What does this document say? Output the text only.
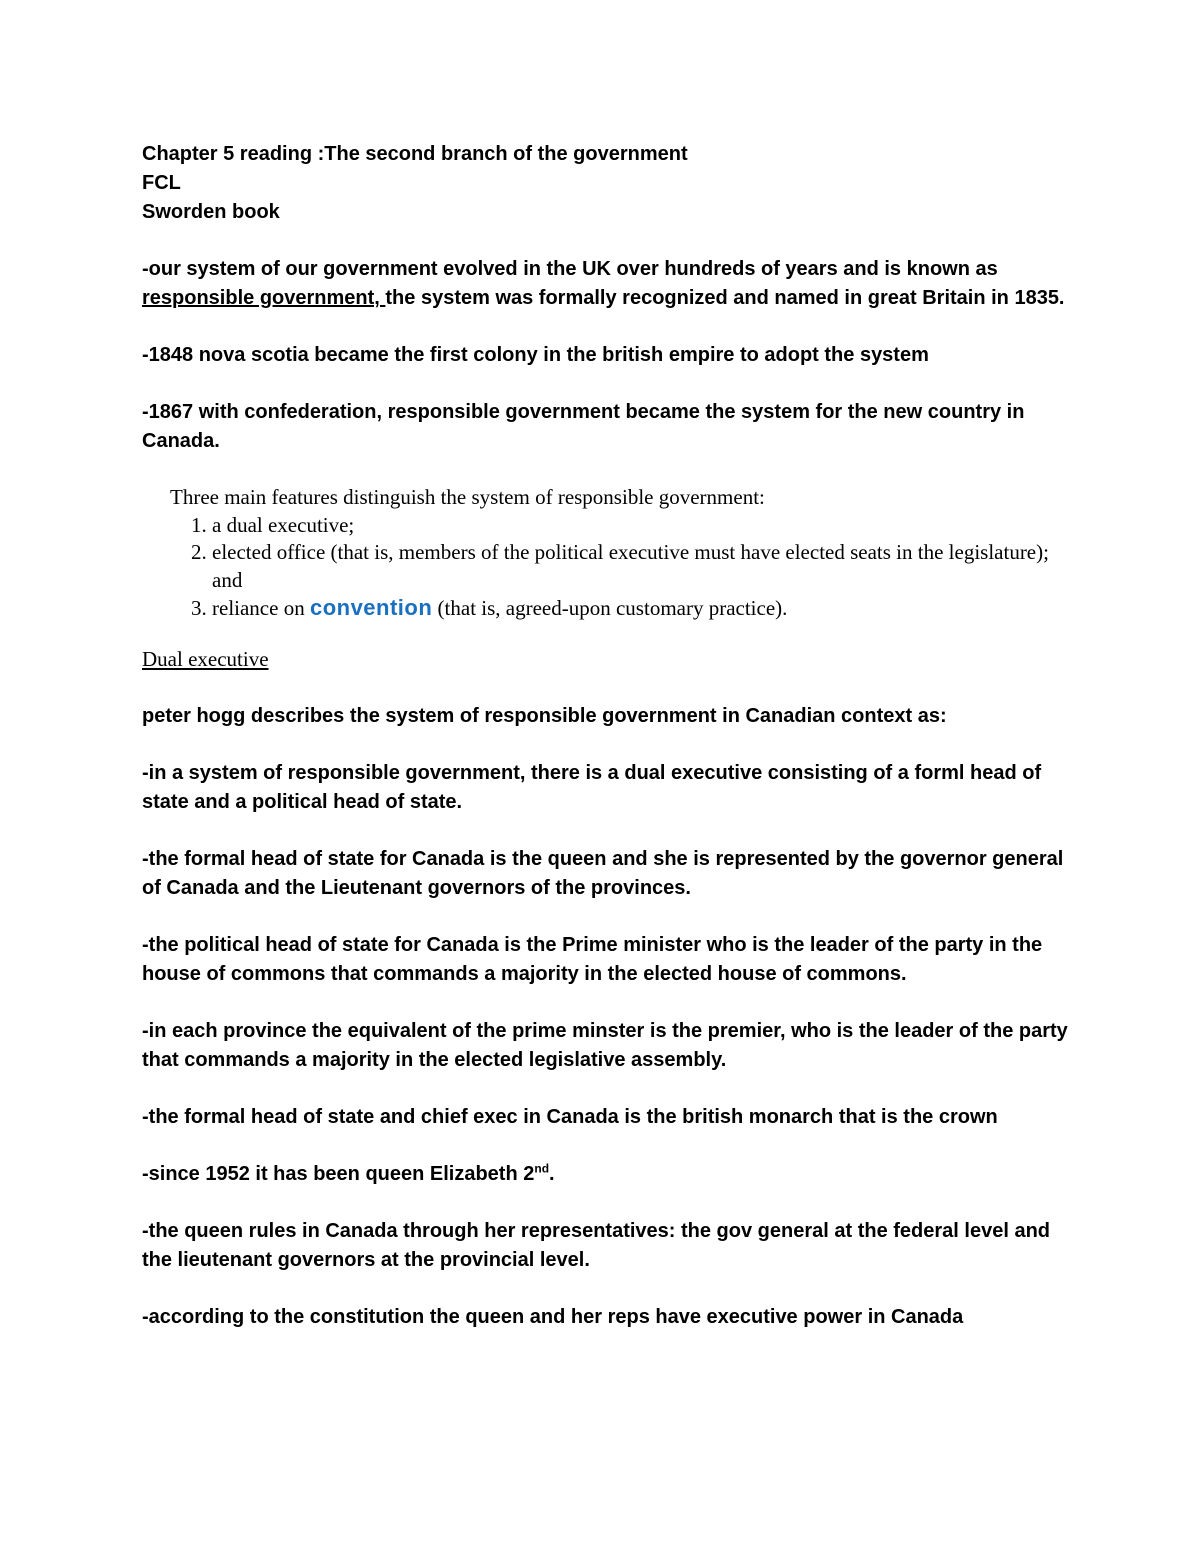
Chapter 5 reading :The second branch of the government

FCL

Sworden book

-our system of our government evolved in the UK over hundreds of years and is known as responsible government, the system was formally recognized and named in great Britain in 1835.

-1848 nova scotia became the first colony in the british empire to adopt the system

-1867 with confederation, responsible government became the system for the new country in Canada.

Three main features distinguish the system of responsible government:
1. a dual executive;
2. elected office (that is, members of the political executive must have elected seats in the legislature); and
3. reliance on convention (that is, agreed-upon customary practice).

Dual executive

peter hogg describes the system of responsible government in Canadian context as:

-in a system of responsible government, there is a dual executive consisting of a forml head of state and a political head of state.

-the formal head of state for Canada is the queen and she is represented by the governor general of Canada and the Lieutenant governors of the provinces.

-the political head of state for Canada is the Prime minister who is the leader of the party in the house of commons that commands a majority in the elected house of commons.

-in each province the equivalent of the prime minster is the premier, who is the leader of the party that commands a majority in the elected legislative assembly.

-the formal head of state and chief exec in Canada is the british monarch that is the crown

-since 1952 it has been queen Elizabeth 2nd.

-the queen rules in Canada through her representatives: the gov general at the federal level and the lieutenant governors at the provincial level.

-according to the constitution the queen and her reps have executive power in Canada
